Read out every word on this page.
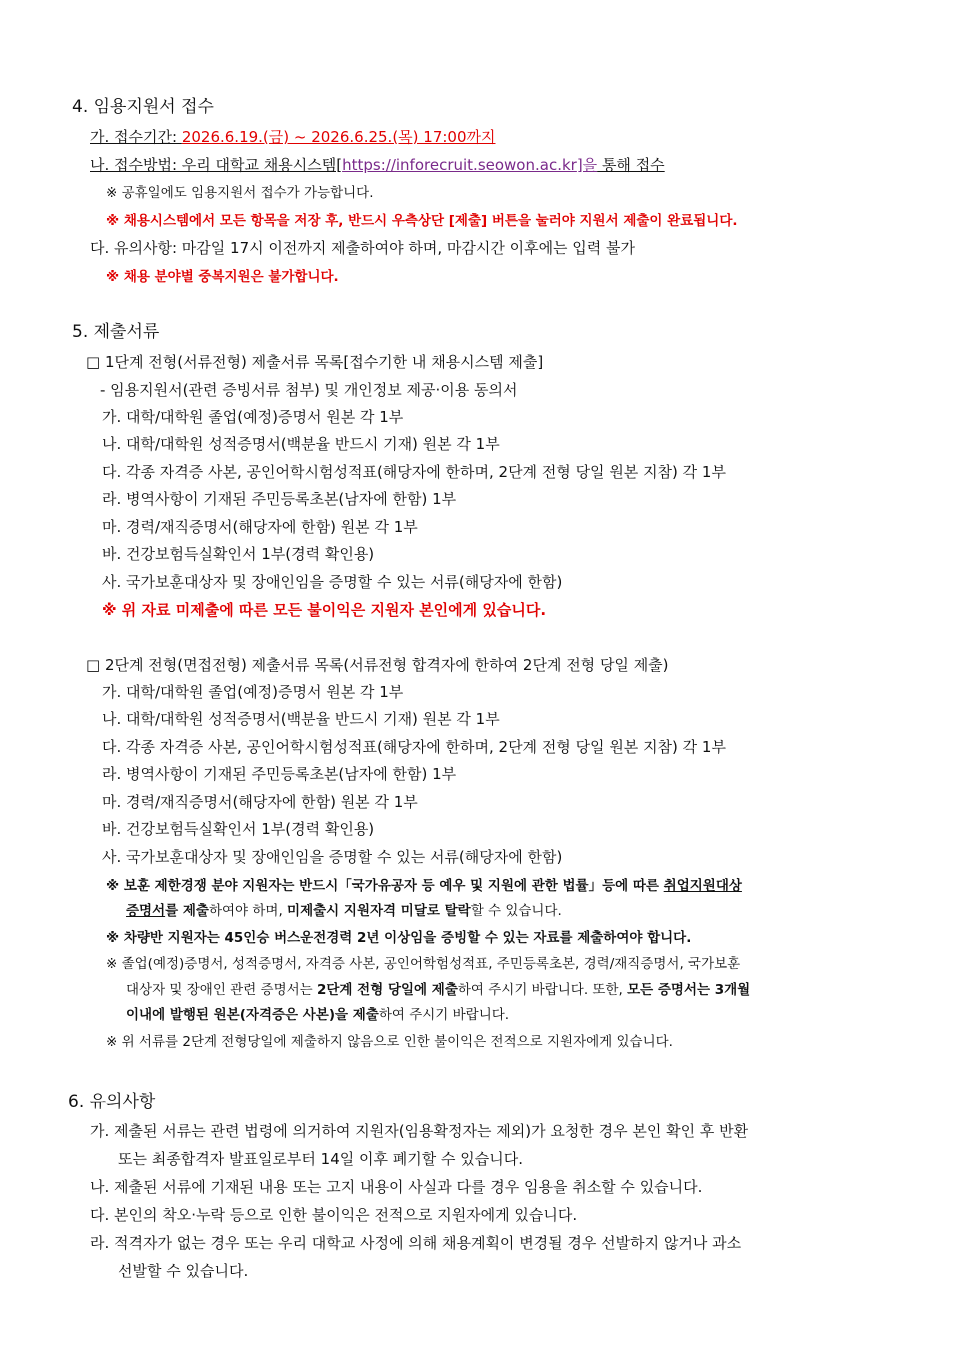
4. 임용지원서 접수
가. 접수기간: 2026.6.19.(금) ~ 2026.6.25.(목) 17:00까지
나. 접수방법: 우리 대학교 채용시스템[https://inforecruit.seowon.ac.kr]을 통해 접수
※ 공휴일에도 임용지원서 접수가 가능합니다.
※ 채용시스템에서 모든 항목을 저장 후, 반드시 우측상단 [제출] 버튼을 눌러야 지원서 제출이 완료됩니다.
다. 유의사항: 마감일 17시 이전까지 제출하여야 하며, 마감시간 이후에는 입력 불가
※ 채용 분야별 중복지원은 불가합니다.
5. 제출서류
□ 1단계 전형(서류전형) 제출서류 목록[접수기한 내 채용시스템 제출]
- 임용지원서(관련 증빙서류 첨부) 및 개인정보 제공·이용 동의서
가. 대학/대학원 졸업(예정)증명서 원본 각 1부
나. 대학/대학원 성적증명서(백분율 반드시 기재) 원본 각 1부
다. 각종 자격증 사본, 공인어학시험성적표(해당자에 한하며, 2단계 전형 당일 원본 지참) 각 1부
라. 병역사항이 기재된 주민등록초본(남자에 한함) 1부
마. 경력/재직증명서(해당자에 한함) 원본 각 1부
바. 건강보험득실확인서 1부(경력 확인용)
사. 국가보훈대상자 및 장애인임을 증명할 수 있는 서류(해당자에 한함)
※ 위 자료 미제출에 따른 모든 불이익은 지원자 본인에게 있습니다.
□ 2단계 전형(면접전형) 제출서류 목록(서류전형 합격자에 한하여 2단계 전형 당일 제출)
가. 대학/대학원 졸업(예정)증명서 원본 각 1부
나. 대학/대학원 성적증명서(백분율 반드시 기재) 원본 각 1부
다. 각종 자격증 사본, 공인어학시험성적표(해당자에 한하며, 2단계 전형 당일 원본 지참) 각 1부
라. 병역사항이 기재된 주민등록초본(남자에 한함) 1부
마. 경력/재직증명서(해당자에 한함) 원본 각 1부
바. 건강보험득실확인서 1부(경력 확인용)
사. 국가보훈대상자 및 장애인임을 증명할 수 있는 서류(해당자에 한함)
※ 보훈 제한경쟁 분야 지원자는 반드시「국가유공자 등 예우 및 지원에 관한 법률」등에 따른 취업지원대상
증명서를 제출하여야 하며, 미제출시 지원자격 미달로 탈락할 수 있습니다.
※ 차량반 지원자는 45인승 버스운전경력 2년 이상임을 증빙할 수 있는 자료를 제출하여야 합니다.
※ 졸업(예정)증명서, 성적증명서, 자격증 사본, 공인어학험성적표, 주민등록초본, 경력/재직증명서, 국가보훈
대상자 및 장애인 관련 증명서는 2단계 전형 당일에 제출하여 주시기 바랍니다. 또한, 모든 증명서는 3개월
이내에 발행된 원본(자격증은 사본)을 제출하여 주시기 바랍니다.
※ 위 서류를 2단계 전형당일에 제출하지 않음으로 인한 불이익은 전적으로 지원자에게 있습니다.
6. 유의사항
가. 제출된 서류는 관련 법령에 의거하여 지원자(임용확정자는 제외)가 요청한 경우 본인 확인 후 반환
또는 최종합격자 발표일로부터 14일 이후 폐기할 수 있습니다.
나. 제출된 서류에 기재된 내용 또는 고지 내용이 사실과 다를 경우 임용을 취소할 수 있습니다.
다. 본인의 착오·누락 등으로 인한 불이익은 전적으로 지원자에게 있습니다.
라. 적격자가 없는 경우 또는 우리 대학교 사정에 의해 채용계획이 변경될 경우 선발하지 않거나 과소
선발할 수 있습니다.
